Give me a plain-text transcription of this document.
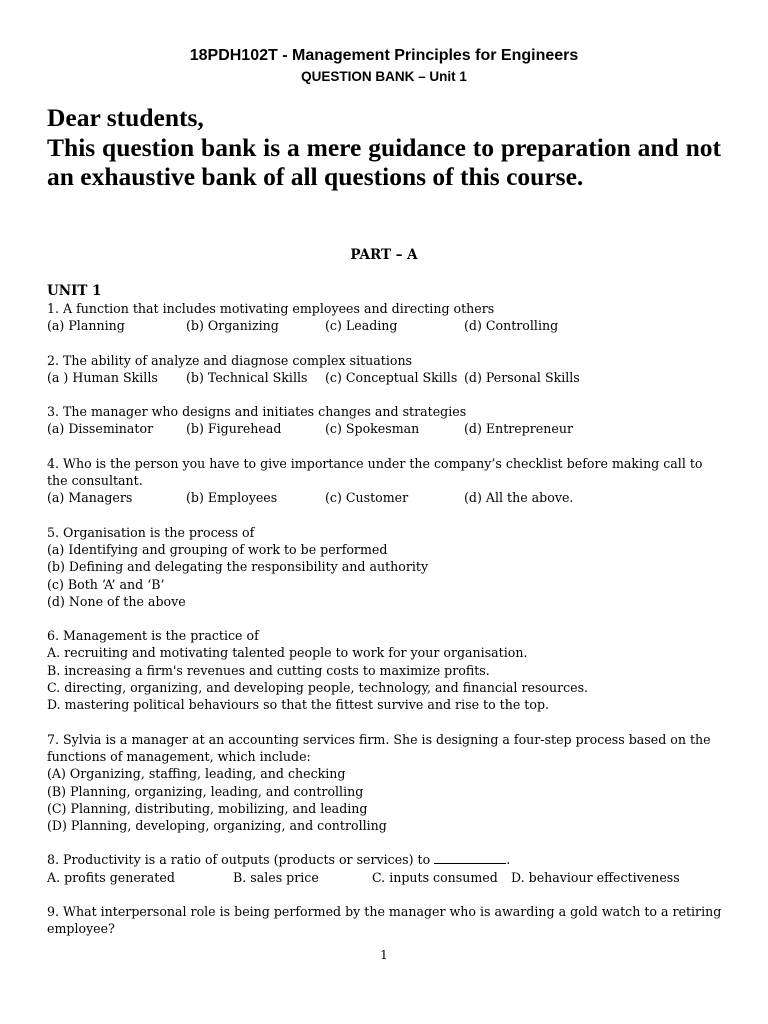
18PDH102T - Management Principles for Engineers
QUESTION BANK – Unit 1
Dear students,
This question bank is a mere guidance to preparation and not an exhaustive bank of all questions of this course.
PART – A
UNIT 1
1. A function that includes motivating employees and directing others
(a) Planning	(b) Organizing	(c) Leading	(d) Controlling
2. The ability of analyze and diagnose complex situations
(a ) Human Skills (b) Technical Skills (c) Conceptual Skills (d) Personal Skills
3. The manager who designs and initiates changes and strategies
(a) Disseminator	(b) Figurehead	(c) Spokesman	(d) Entrepreneur
4. Who is the person you have to give importance under the company’s checklist before making call to the consultant.
(a) Managers	(b) Employees	(c) Customer	(d) All the above.
5. Organisation is the process of
(a) Identifying and grouping of work to be performed
(b) Defining and delegating the responsibility and authority
(c) Both ‘A’ and ‘B’
(d) None of the above
6. Management is the practice of
A. recruiting and motivating talented people to work for your organisation.
B. increasing a firm's revenues and cutting costs to maximize profits.
C. directing, organizing, and developing people, technology, and financial resources.
D. mastering political behaviours so that the fittest survive and rise to the top.
7. Sylvia is a manager at an accounting services firm. She is designing a four-step process based on the functions of management, which include:
(A) Organizing, staffing, leading, and checking
(B) Planning, organizing, leading, and controlling
(C) Planning, distributing, mobilizing, and leading
(D) Planning, developing, organizing, and controlling
8. Productivity is a ratio of outputs (products or services) to	.
A. profits generated	B. sales price	C. inputs consumed D. behaviour effectiveness
9. What interpersonal role is being performed by the manager who is awarding a gold watch to a retiring employee?
1
